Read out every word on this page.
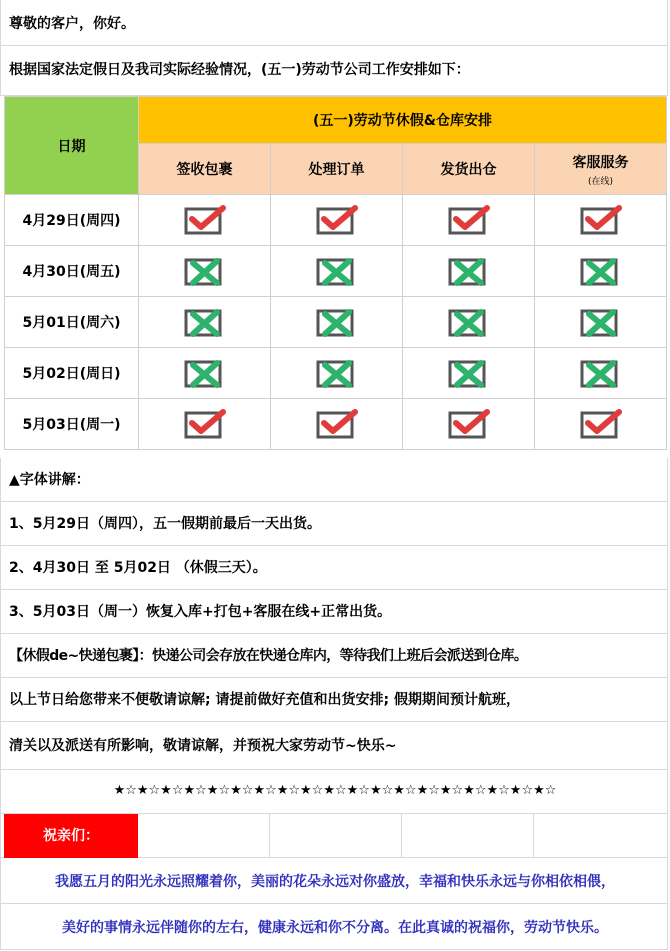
尊敬的客户，你好。
根据国家法定假日及我司实际经验情况，(五一)劳动节公司工作安排如下：
日期	(五一)劳动节休假&仓库安排			
	签收包裹	处理订单	发货出仓	客服服务
(在线)

4月29日(周四)				
4月30日(周五)				
5月01日(周六)				
5月02日(周日)				
5月03日(周一)				
▲字体讲解：
1、5月29日（周四），五一假期前最后一天出货。
2、4月30日 至 5月02日 （休假三天）。
3、5月03日（周一）恢复入库+打包+客服在线+正常出货。
【休假de~快递包裹】：快递公司会存放在快递仓库内，等待我们上班后会派送到仓库。
以上节日给您带来不便敬请谅解; 请提前做好充值和出货安排; 假期期间预计航班，
清关以及派送有所影响，敬请谅解，并预祝大家劳动节~快乐~
★☆★☆★☆★☆★☆★☆★☆★☆★☆★☆★☆★☆★☆★☆★☆★☆★☆★☆★☆
祝亲们：
我愿五月的阳光永远照耀着你，美丽的花朵永远对你盛放，幸福和快乐永远与你相依相偎，
美好的事情永远伴随你的左右，健康永远和你不分离。在此真诚的祝福你，劳动节快乐。
